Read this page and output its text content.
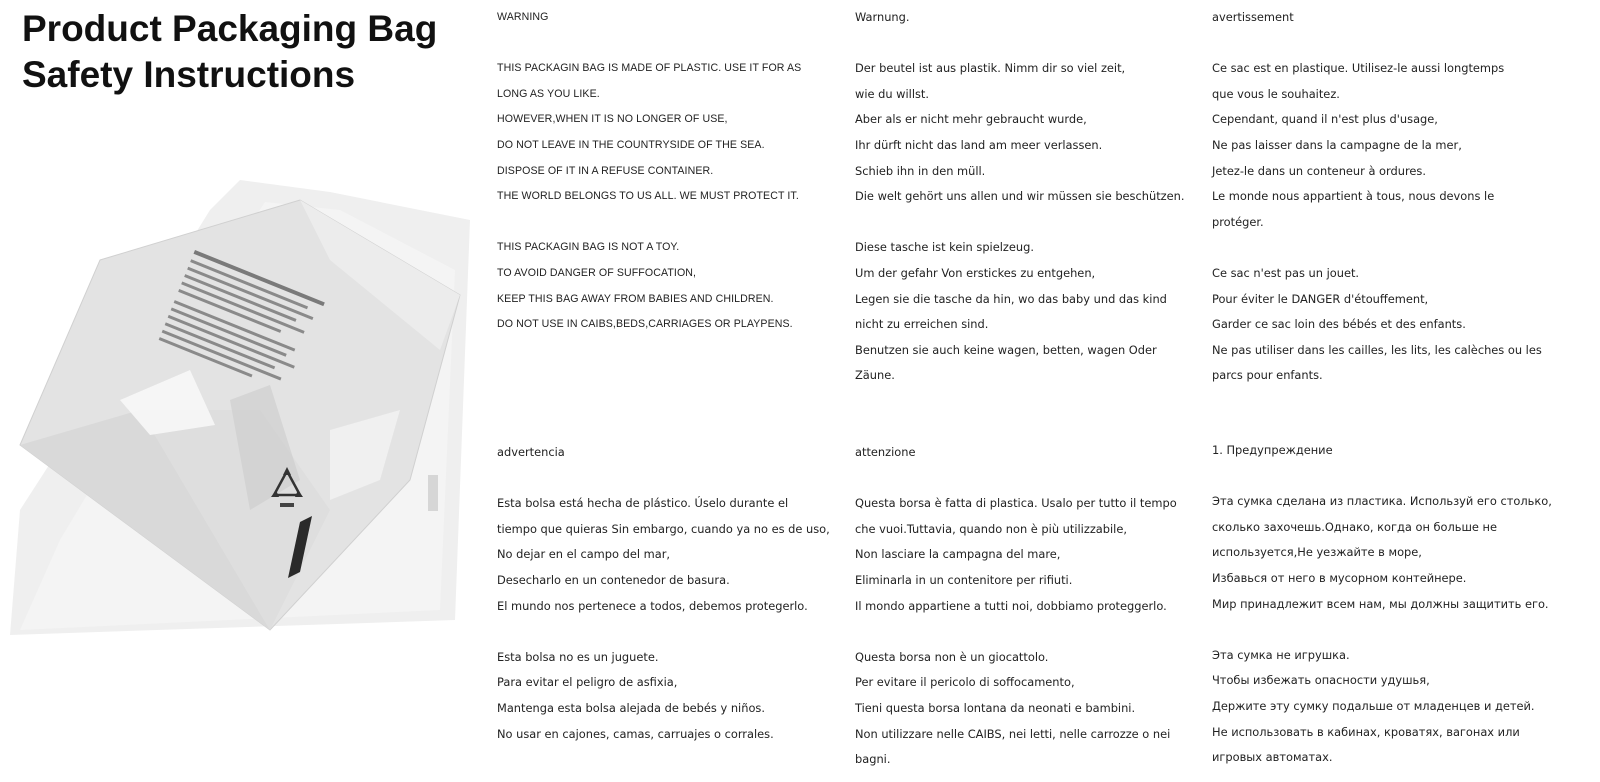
Product Packaging Bag
Safety Instructions
WARNING
THIS PACKAGIN BAG IS MADE OF PLASTIC. USE IT FOR AS
LONG AS YOU LIKE.
HOWEVER,WHEN IT IS NO LONGER OF USE,
DO NOT LEAVE IN THE COUNTRYSIDE OF THE SEA.
DISPOSE OF IT IN A REFUSE CONTAINER.
THE WORLD BELONGS TO US ALL. WE MUST PROTECT IT.
THIS PACKAGIN BAG IS NOT A TOY.
TO AVOID DANGER OF SUFFOCATION,
KEEP THIS BAG AWAY FROM BABIES AND CHILDREN.
DO NOT USE IN CAIBS,BEDS,CARRIAGES OR PLAYPENS.
Warnung.
Der beutel ist aus plastik. Nimm dir so viel zeit,
wie du willst.
Aber als er nicht mehr gebraucht wurde,
Ihr dürft nicht das land am meer verlassen.
Schieb ihn in den müll.
Die welt gehört uns allen und wir müssen sie beschützen.
Diese tasche ist kein spielzeug.
Um der gefahr Von erstickes zu entgehen,
Legen sie die tasche da hin, wo das baby und das kind
nicht zu erreichen sind.
Benutzen sie auch keine wagen, betten, wagen Oder
Zäune.
avertissement
Ce sac est en plastique. Utilisez-le aussi longtemps
que vous le souhaitez.
Cependant, quand il n'est plus d'usage,
Ne pas laisser dans la campagne de la mer,
Jetez-le dans un conteneur à ordures.
Le monde nous appartient à tous, nous devons le
protéger.
Ce sac n'est pas un jouet.
Pour éviter le DANGER d'étouffement,
Garder ce sac loin des bébés et des enfants.
Ne pas utiliser dans les cailles, les lits, les calèches ou les
parcs pour enfants.
advertencia
Esta bolsa está hecha de plástico. Úselo durante el
tiempo que quieras Sin embargo, cuando ya no es de uso,
No dejar en el campo del mar,
Desecharlo en un contenedor de basura.
El mundo nos pertenece a todos, debemos protegerlo.
Esta bolsa no es un juguete.
Para evitar el peligro de asfixia,
Mantenga esta bolsa alejada de bebés y niños.
No usar en cajones, camas, carruajes o corrales.
attenzione
Questa borsa è fatta di plastica. Usalo per tutto il tempo
che vuoi.Tuttavia, quando non è più utilizzabile,
Non lasciare la campagna del mare,
Eliminarla in un contenitore per rifiuti.
Il mondo appartiene a tutti noi, dobbiamo proteggerlo.
Questa borsa non è un giocattolo.
Per evitare il pericolo di soffocamento,
Tieni questa borsa lontana da neonati e bambini.
Non utilizzare nelle CAIBS, nei letti, nelle carrozze o nei
bagni.
1. Предупреждение
Эта сумка сделана из пластика. Используй его столько,
сколько захочешь.Однако, когда он больше не
используется,Не уезжайте в море,
Избавься от него в мусорном контейнере.
Мир принадлежит всем нам, мы должны защитить его.
Эта сумка не игрушка.
Чтобы избежать опасности удушья,
Держите эту сумку подальше от младенцев и детей.
Не использовать в кабинах, кроватях, вагонах или
игровых автоматах.
